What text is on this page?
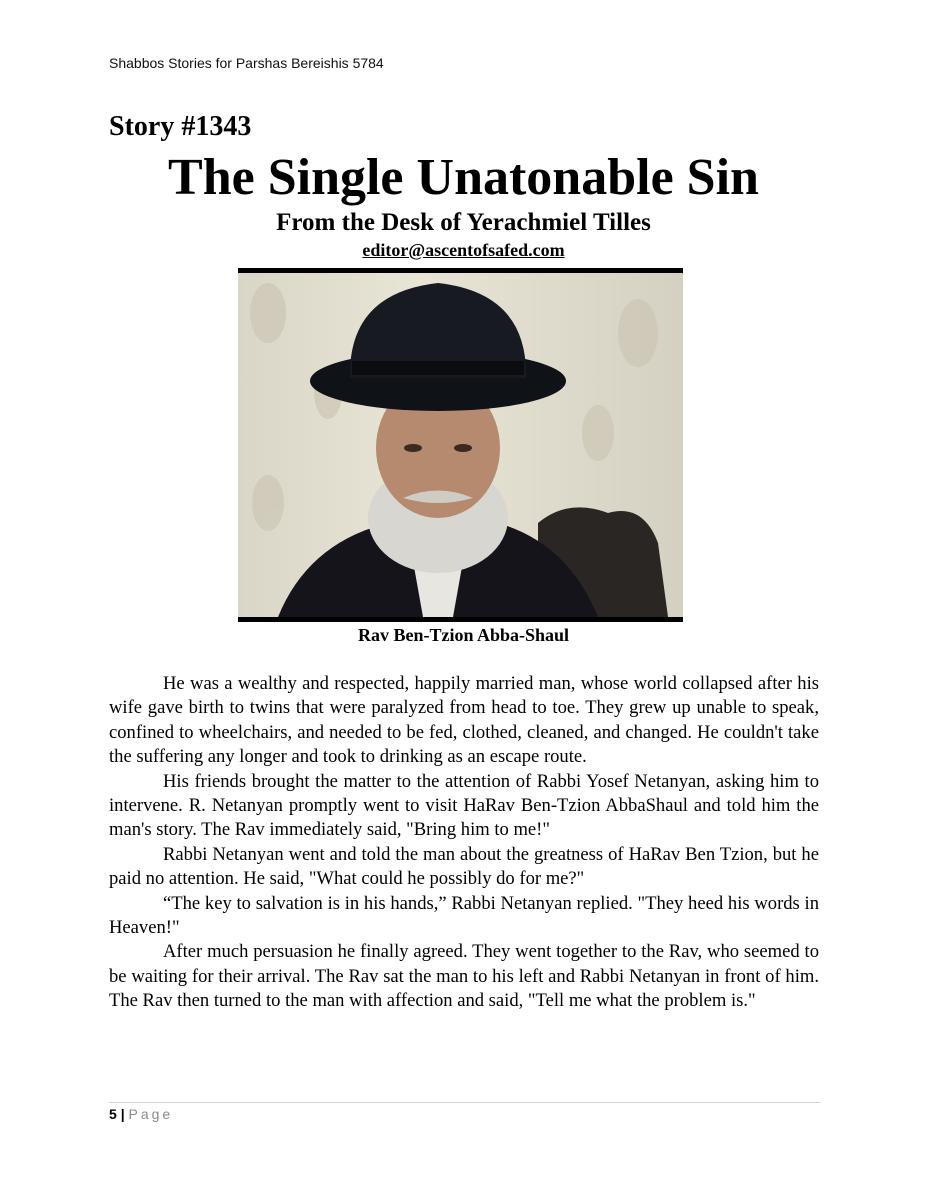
Shabbos Stories for Parshas Bereishis 5784
Story #1343
The Single Unatonable Sin
From the Desk of Yerachmiel Tilles
editor@ascentofsafed.com
Rav Ben-Tzion Abba-Shaul

He was a wealthy and respected, happily married man, whose world collapsed after his wife gave birth to twins that were paralyzed from head to toe. They grew up unable to speak, confined to wheelchairs, and needed to be fed, clothed, cleaned, and changed. He couldn't take the suffering any longer and took to drinking as an escape route.

His friends brought the matter to the attention of Rabbi Yosef Netanyan, asking him to intervene. R. Netanyan promptly went to visit HaRav Ben-Tzion AbbaShaul and told him the man's story. The Rav immediately said, "Bring him to me!"

Rabbi Netanyan went and told the man about the greatness of HaRav Ben Tzion, but he paid no attention. He said, "What could he possibly do for me?"

“The key to salvation is in his hands,” Rabbi Netanyan replied. "They heed his words in Heaven!"

After much persuasion he finally agreed. They went together to the Rav, who seemed to be waiting for their arrival. The Rav sat the man to his left and Rabbi Netanyan in front of him. The Rav then turned to the man with affection and said, "Tell me what the problem is."

5 | Page
